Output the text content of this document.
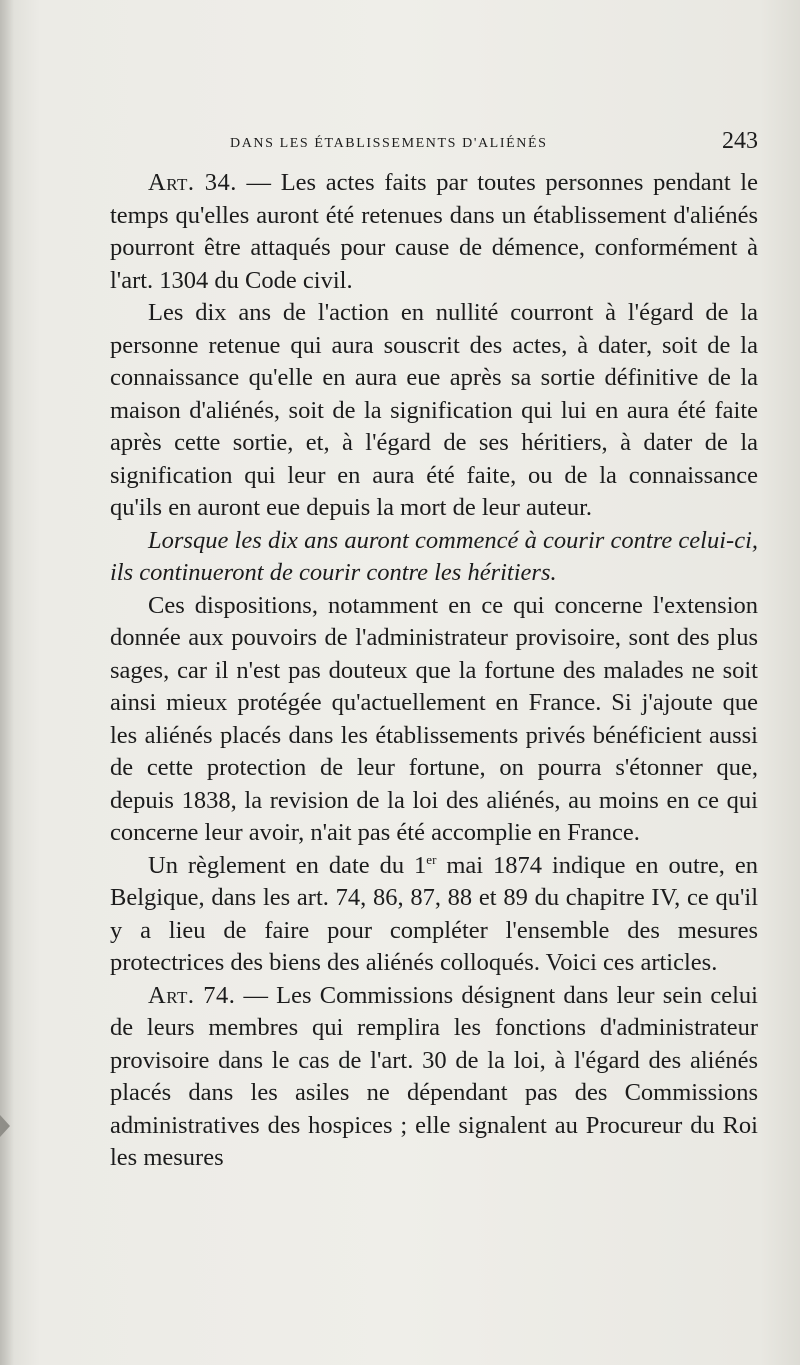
DANS LES ÉTABLISSEMENTS D'ALIÉNÉS	243

Art. 34. — Les actes faits par toutes personnes pendant le temps qu'elles auront été retenues dans un établissement d'aliénés pourront être attaqués pour cause de démence, conformément à l'art. 1304 du Code civil.

Les dix ans de l'action en nullité courront à l'égard de la personne retenue qui aura souscrit des actes, à dater, soit de la connaissance qu'elle en aura eue après sa sortie définitive de la maison d'aliénés, soit de la signification qui lui en aura été faite après cette sortie, et, à l'égard de ses héritiers, à dater de la signification qui leur en aura été faite, ou de la connaissance qu'ils en auront eue depuis la mort de leur auteur.

Lorsque les dix ans auront commencé à courir contre celui-ci, ils continueront de courir contre les héritiers.

Ces dispositions, notamment en ce qui concerne l'extension donnée aux pouvoirs de l'administrateur provisoire, sont des plus sages, car il n'est pas douteux que la fortune des malades ne soit ainsi mieux protégée qu'actuellement en France. Si j'ajoute que les aliénés placés dans les établissements privés bénéficient aussi de cette protection de leur fortune, on pourra s'étonner que, depuis 1838, la revision de la loi des aliénés, au moins en ce qui concerne leur avoir, n'ait pas été accomplie en France.

Un règlement en date du 1er mai 1874 indique en outre, en Belgique, dans les art. 74, 86, 87, 88 et 89 du chapitre IV, ce qu'il y a lieu de faire pour compléter l'ensemble des mesures protectrices des biens des aliénés colloqués. Voici ces articles.

Art. 74. — Les Commissions désignent dans leur sein celui de leurs membres qui remplira les fonctions d'administrateur provisoire dans le cas de l'art. 30 de la loi, à l'égard des aliénés placés dans les asiles ne dépendant pas des Commissions administratives des hospices ; elle signalent au Procureur du Roi les mesures
